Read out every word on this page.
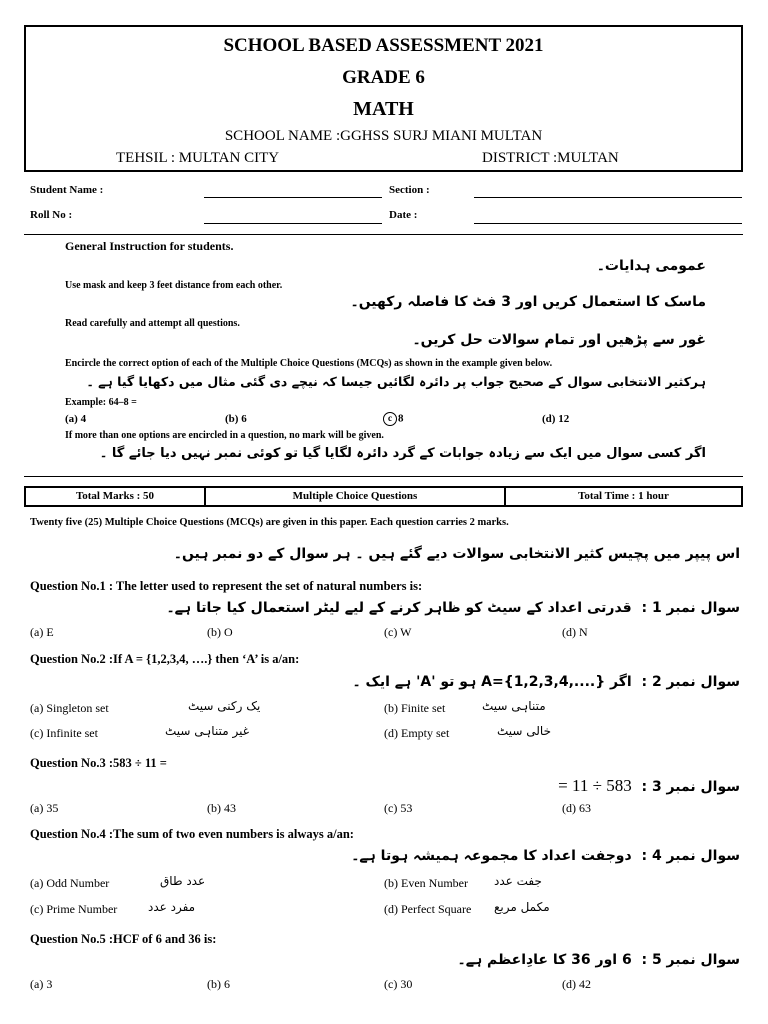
SCHOOL BASED ASSESSMENT 2021
GRADE 6
MATH
SCHOOL NAME :GGHSS SURJ MIANI MULTAN
TEHSIL : MULTAN CITY	DISTRICT :MULTAN
Student Name :	Section :
Roll No :	Date :
General Instruction for students.
عمومی ہدایات۔
Use mask and keep 3 feet distance from each other.
ماسک کا استعمال کریں اور 3 فٹ کا فاصلہ رکھیں۔
Read carefully and attempt all questions.
غور سے پڑھیں اور تمام سوالات حل کریں۔
Encircle the correct option of each of the Multiple Choice Questions (MCQs) as shown in the example given below.
ہرکثیر الانتخابی سوال کے صحیح جواب پر دائرہ لگائیں جیسا کہ نیچے دی گئی مثال میں دکھایا گیا ہے ۔
Example: 64–8 =
(a) 4	(b) 6	c 8	(d) 12
If more than one options are encircled in a question, no mark will be given.
اگر کسی سوال میں ایک سے زیادہ جوابات کے گرد دائرہ لگایا گیا تو کوئی نمبر نہیں دیا جائے گا ۔
Total Marks : 50	Multiple Choice Questions	Total Time : 1 hour
Twenty five (25) Multiple Choice Questions (MCQs) are given in this paper. Each question carries 2 marks.
اس پیپر میں پچیس کثیر الانتخابی سوالات دیے گئے ہیں ۔ ہر سوال کے دو نمبر ہیں۔
Question No.1 : The letter used to represent the set of natural numbers is:
سوال نمبر 1 :  قدرتی اعداد کے سیٹ کو ظاہر کرنے کے لیے لیٹر استعمال کیا جاتا ہے۔
(a) E	(b) O	(c) W	(d) N
Question No.2 :If A = {1,2,3,4, ….} then ‘A’ is a/an:
سوال نمبر 2 :  اگر A={1,2,3,4,....} ہو تو 'A' ہے ایک ۔
(a) Singleton set	یک رکنی سیٹ	(b) Finite set	متناہی سیٹ
(c) Infinite set	غیر متناہی سیٹ	(d) Empty set	خالی سیٹ
Question No.3 :583 ÷ 11 =
سوال نمبر 3 :  583 ÷ 11 =
(a) 35	(b) 43	(c) 53	(d) 63
Question No.4 :The sum of two even numbers is always a/an:
سوال نمبر 4 :  دوجفت اعداد کا مجموعہ ہمیشہ ہوتا ہے۔
(a) Odd Number	عدد طاق	(b) Even Number جفت عدد
(c) Prime Number	مفرد عدد	(d) Perfect Square مکمل مربع
Question No.5 :HCF of 6 and 36 is:
سوال نمبر 5 :  6 اور 36 کا عادِاعظم ہے۔
(a) 3	(b) 6	(c) 30	(d) 42
